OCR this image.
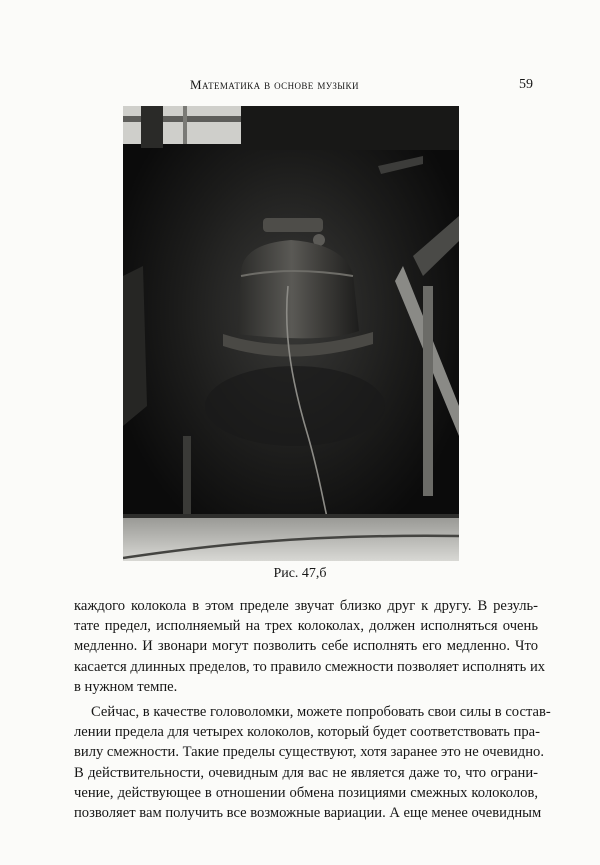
Математика в основе музыки	59
Рис. 47,б

каждого колокола в этом пределе звучат близко друг к другу. В резуль-
тате предел, исполняемый на трех колоколах, должен исполняться очень
медленно. И звонари могут позволить себе исполнять его медленно. Что
касается длинных пределов, то правило смежности позволяет исполнять их
в нужном темпе.

Сейчас, в качестве головоломки, можете попробовать свои силы в состав-
лении предела для четырех колоколов, который будет соответствовать пра-
вилу смежности. Такие пределы существуют, хотя заранее это не очевидно.
В действительности, очевидным для вас не является даже то, что ограни-
чение, действующее в отношении обмена позициями смежных колоколов,
позволяет вам получить все возможные вариации. А еще менее очевидным
